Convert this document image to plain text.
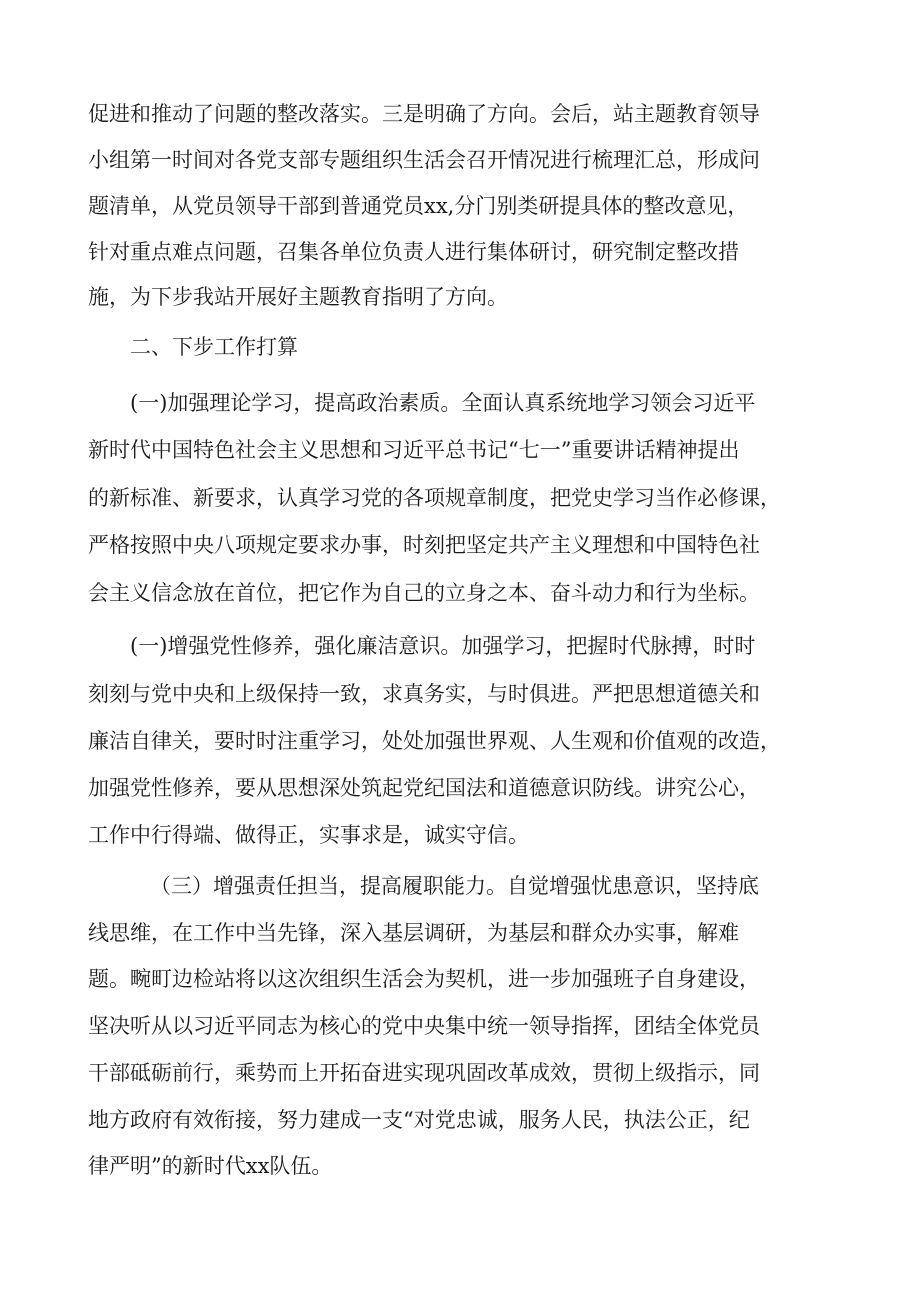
促进和推动了问题的整改落实。三是明确了方向。会后，站主题教育领导

小组第一时间对各党支部专题组织生活会召开情况进行梳理汇总，形成问

题清单，从党员领导干部到普通党员xx,分门别类研提具体的整改意见，

针对重点难点问题，召集各单位负责人进行集体研讨，研究制定整改措

施，为下步我站开展好主题教育指明了方向。

二、下步工作打算

(一)加强理论学习，提高政治素质。全面认真系统地学习领会习近平

新时代中国特色社会主义思想和习近平总书记“七一”重要讲话精神提出

的新标准、新要求，认真学习党的各项规章制度，把党史学习当作必修课，

严格按照中央八项规定要求办事，时刻把坚定共产主义理想和中国特色社

会主义信念放在首位，把它作为自己的立身之本、奋斗动力和行为坐标。

(一)增强党性修养，强化廉洁意识。加强学习，把握时代脉搏，时时

刻刻与党中央和上级保持一致，求真务实，与时俱进。严把思想道德关和

廉洁自律关，要时时注重学习，处处加强世界观、人生观和价值观的改造，

加强党性修养，要从思想深处筑起党纪国法和道德意识防线。讲究公心，

工作中行得端、做得正，实事求是，诚实守信。

（三）增强责任担当，提高履职能力。自觉增强忧患意识，坚持底

线思维，在工作中当先锋，深入基层调研，为基层和群众办实事，解难

题。畹町边检站将以这次组织生活会为契机，进一步加强班子自身建设，

坚决听从以习近平同志为核心的党中央集中统一领导指挥，团结全体党员

干部砥砺前行，乘势而上开拓奋进实现巩固改革成效，贯彻上级指示，同

地方政府有效衔接，努力建成一支“对党忠诚，服务人民，执法公正，纪

律严明”的新时代xx队伍。
